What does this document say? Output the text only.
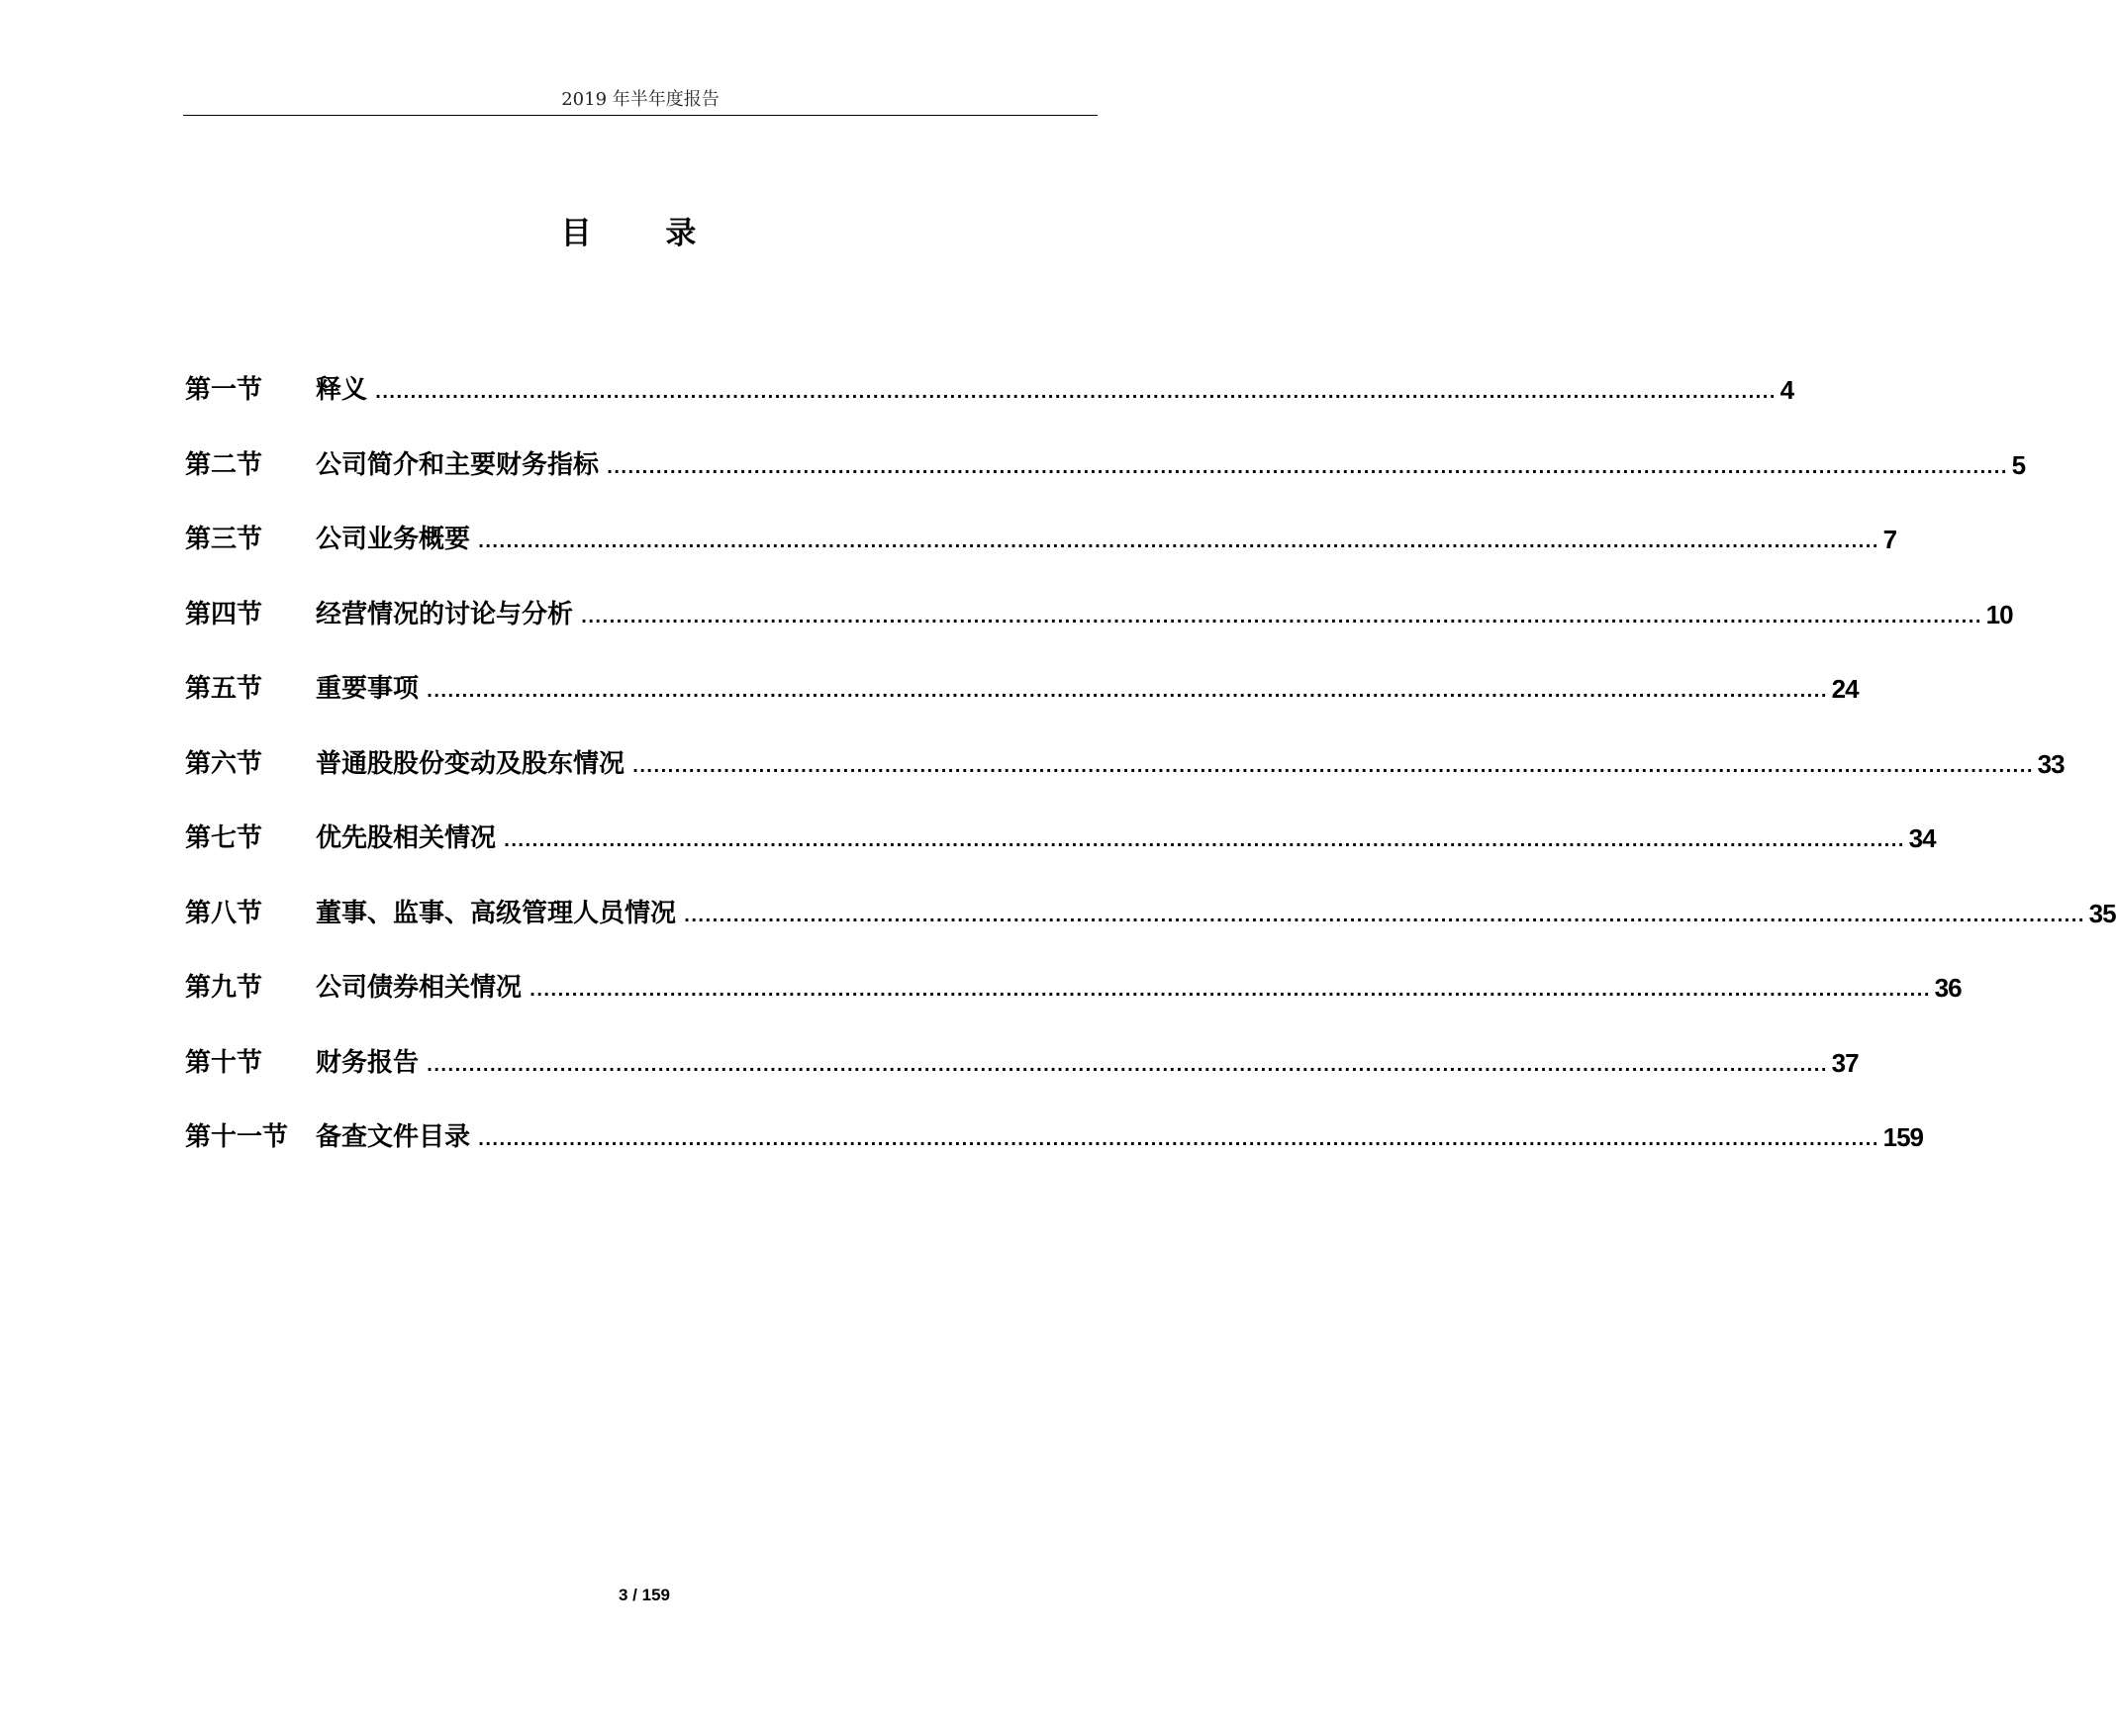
2019 年半年度报告
目 录
第一节	释义 ........................................................................................................................................................................................................ 4
第二节	公司简介和主要财务指标 ........................................................................................................................................................................................................ 5
第三节	公司业务概要 ........................................................................................................................................................................................................ 7
第四节	经营情况的讨论与分析 ........................................................................................................................................................................................................ 10
第五节	重要事项 ........................................................................................................................................................................................................ 24
第六节	普通股股份变动及股东情况 ........................................................................................................................................................................................................ 33
第七节	优先股相关情况 ........................................................................................................................................................................................................ 34
第八节	董事、监事、高级管理人员情况 ........................................................................................................................................................................................................ 35
第九节	公司债券相关情况 ........................................................................................................................................................................................................ 36
第十节	财务报告 ........................................................................................................................................................................................................ 37
第十一节	备查文件目录 ........................................................................................................................................................................................................ 159
3 / 159
